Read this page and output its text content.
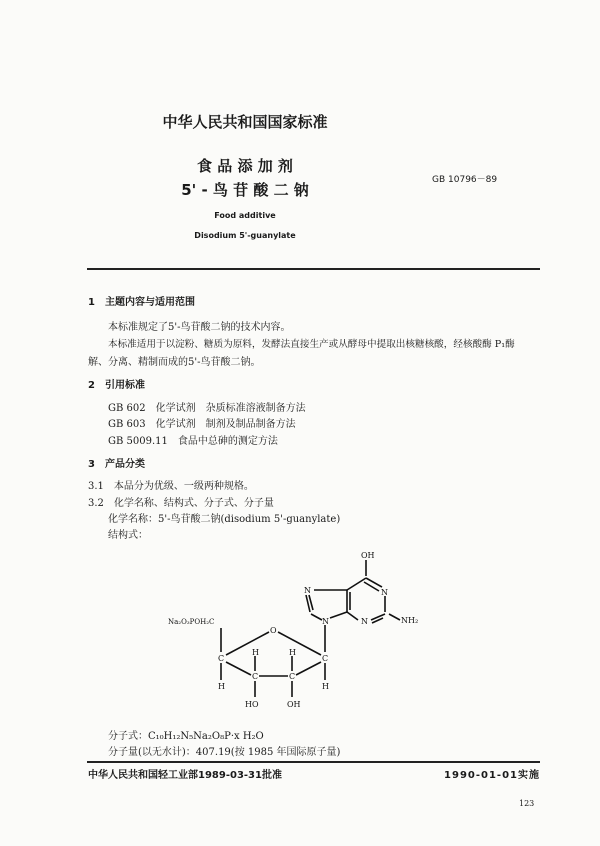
中华人民共和国国家标准
食 品 添 加 剂
5' - 鸟 苷 酸 二 钠
GB 10796－89
Food additive
Disodium 5'-guanylate
1　主题内容与适用范围
本标准规定了5'-鸟苷酸二钠的技术内容。
本标准适用于以淀粉、糖质为原料，发酵法直接生产或从酵母中提取出核糖核酸，经核酸酶 P₁酶
解、分离、精制而成的5'-鸟苷酸二钠。
2　引用标准
GB 602　化学试剂　杂质标准溶液制备方法
GB 603　化学试剂　制剂及制品制备方法
GB 5009.11　食品中总砷的测定方法
3　产品分类
3.1　本品分为优级、一级两种规格。
3.2　化学名称、结构式、分子式、分子量
化学名称：5'-鸟苷酸二钠(disodium 5'-guanylate)
结构式：
OH
N
N
N
N	NH₂
Na₂O₃POH₂C
O
C
C	C
C
H	H
H	H
HO	OH
分子式：C₁₀H₁₂N₅Na₂O₈P·x H₂O
分子量(以无水计)：407.19(按 1985 年国际原子量)
中华人民共和国轻工业部1989-03-31批准	1990-01-01实施
123
